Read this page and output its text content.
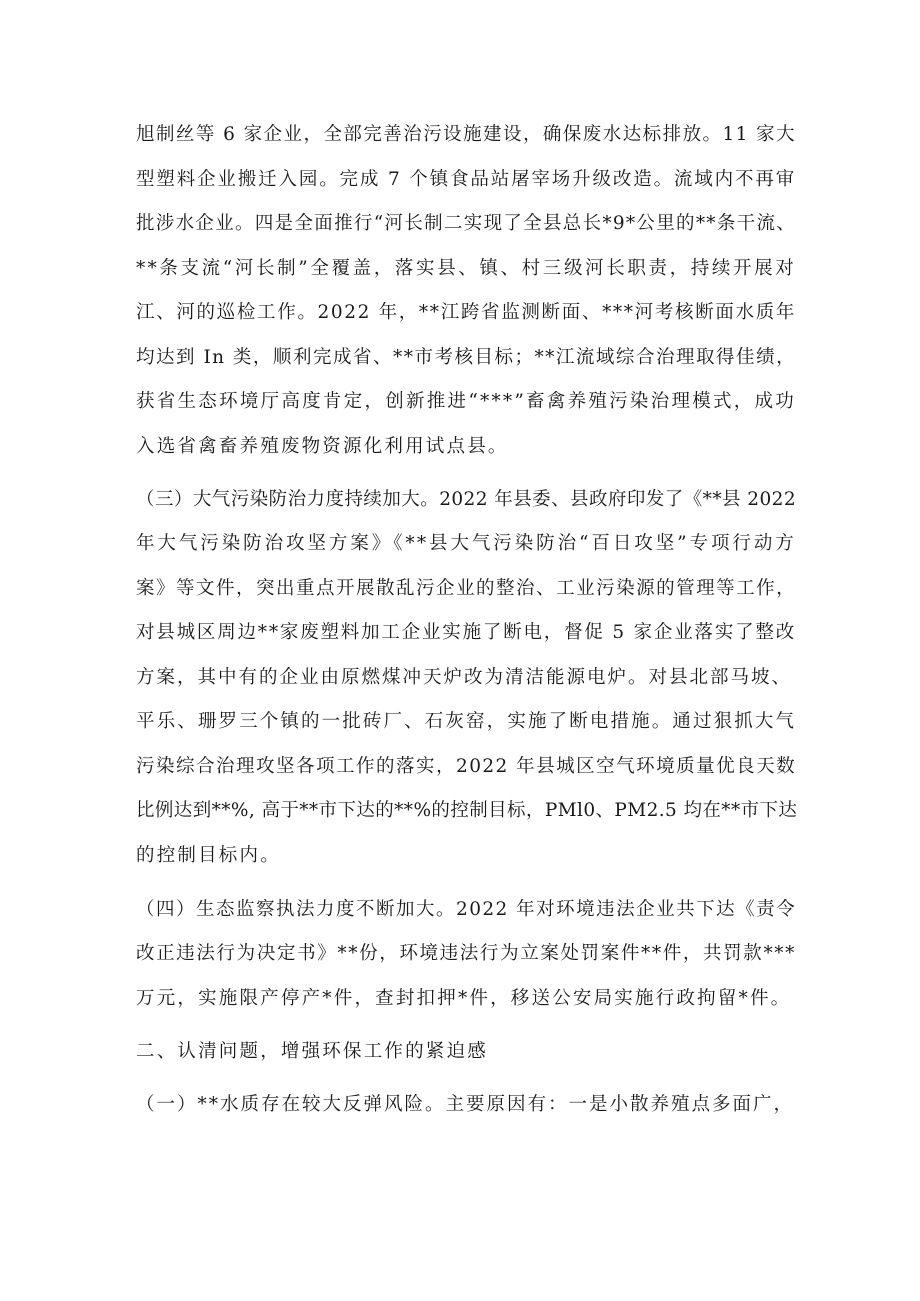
旭制丝等 6 家企业，全部完善治污设施建设，确保废水达标排放。11 家大
型塑料企业搬迁入园。完成 7 个镇食品站屠宰场升级改造。流域内不再审
批涉水企业。四是全面推行“河长制二实现了全县总长*9*公里的**条干流、
**条支流“河长制”全覆盖，落实县、镇、村三级河长职责，持续开展对
江、河的巡检工作。2022 年，**江跨省监测断面、***河考核断面水质年
均达到 In 类，顺利完成省、**市考核目标；**江流域综合治理取得佳绩，
获省生态环境厅高度肯定，创新推进“***”畜禽养殖污染治理模式，成功
入选省禽畜养殖废物资源化利用试点县。
（三）大气污染防治力度持续加大。2022 年县委、县政府印发了《**县 2022
年大气污染防治攻坚方案》《**县大气污染防治“百日攻坚”专项行动方
案》等文件，突出重点开展散乱污企业的整治、工业污染源的管理等工作，
对县城区周边**家废塑料加工企业实施了断电，督促 5 家企业落实了整改
方案，其中有的企业由原燃煤冲天炉改为清洁能源电炉。对县北部马坡、
平乐、珊罗三个镇的一批砖厂、石灰窑，实施了断电措施。通过狠抓大气
污染综合治理攻坚各项工作的落实，2022 年县城区空气环境质量优良天数
比例达到**%, 高于**市下达的**%的控制目标，PMl0、PM2.5 均在**市下达
的控制目标内。
（四）生态监察执法力度不断加大。2022 年对环境违法企业共下达《责令
改正违法行为决定书》**份，环境违法行为立案处罚案件**件，共罚款***
万元，实施限产停产*件，查封扣押*件，移送公安局实施行政拘留*件。
二、认清问题，增强环保工作的紧迫感
（一）**水质存在较大反弹风险。主要原因有：一是小散养殖点多面广，
